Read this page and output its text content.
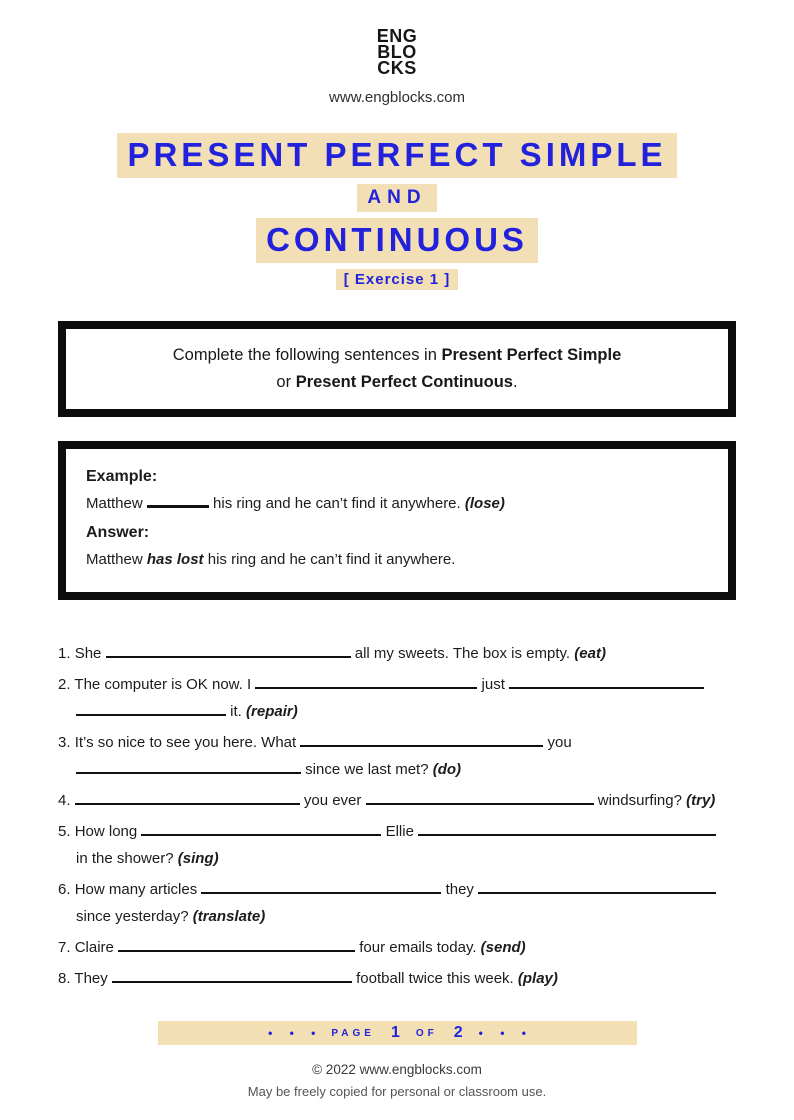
ENG
BLO
CKS
www.engblocks.com
PRESENT PERFECT SIMPLE
AND
CONTINUOUS
[ Exercise 1 ]
Complete the following sentences in Present Perfect Simple
or Present Perfect Continuous.
Example:
Matthew	his ring and he can’t find it anywhere. (lose)
Answer:
Matthew has lost his ring and he can’t find it anywhere.
1. She	all my sweets. The box is empty. (eat)
2. The computer is OK now. I	just
it. (repair)
3. It’s so nice to see you here. What	you
since we last met? (do)
4.	you ever	windsurfing? (try)
5. How long	Ellie
in the shower? (sing)
6. How many articles	they
since yesterday? (translate)
7. Claire	four emails today. (send)
8. They	football twice this week. (play)
• • • PAGE 1 OF 2 • • •
© 2022 www.engblocks.com
May be freely copied for personal or classroom use.
